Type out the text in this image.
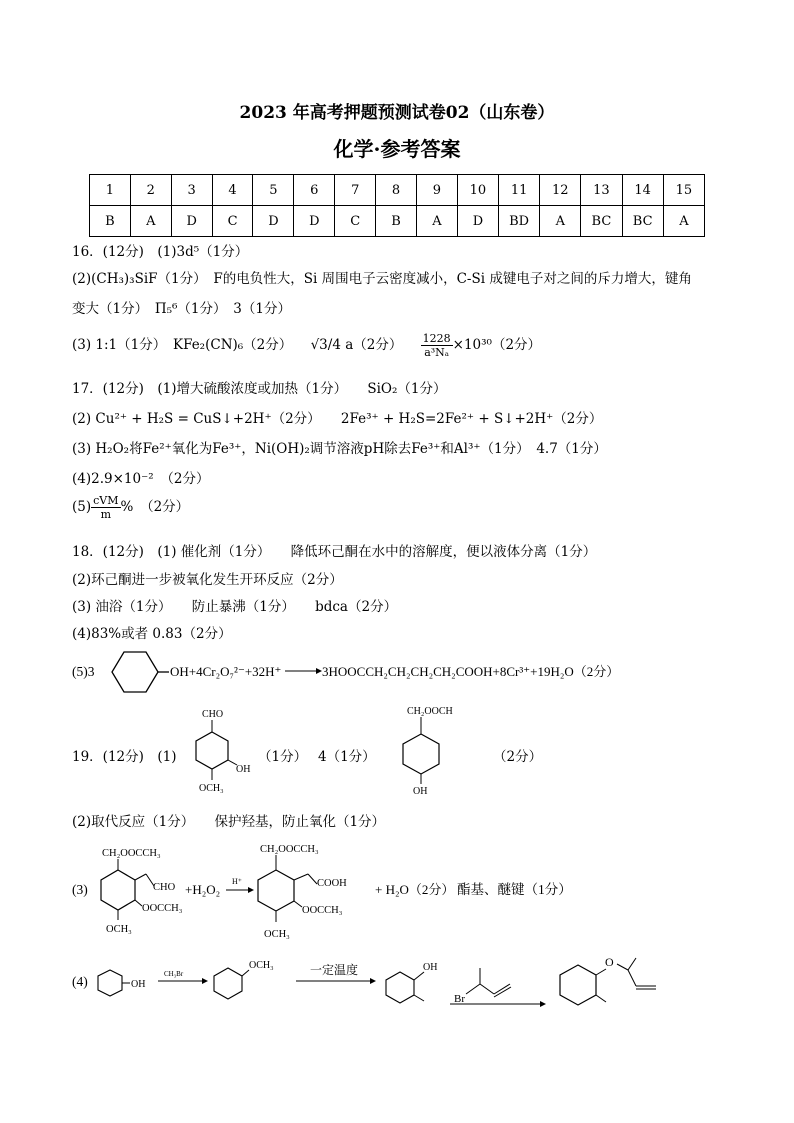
2023 年高考押题预测试卷02（山东卷）
化学·参考答案
1	2	3	4	5	6	7	8	9	10	11	12	13	14	15
B	A	D	C	D	D	C	B	A	D	BD	A	BC	BC	A
16．(12分)　(1)3d⁵（1分）
(2)(CH₃)₃SiF（1分）　F的电负性大，Si 周围电子云密度减小，C-Si 成键电子对之间的斥力增大，键角
变大（1分）　Π₅⁶（1分）　3（1分）
(3) 1:1（1分）　KFe₂(CN)₆（2分） √3/4 a（2分） $\frac{1228}{\text{a³Nₐ}} \times 10^{30}(2$分）
17．(12分)　(1)增大硫酸浓度或加热（1分）　　SiO₂（1分）
(2) Cu²⁺ + H₂S = CuS↓+2H⁺（2分）　　2Fe³⁺ + H₂S=2Fe²⁺ + S↓+2H⁺（2分）
(3) H₂O₂将Fe²⁺氧化为Fe³⁺，Ni(OH)₂调节溶液pH除去Fe³⁺和Al³⁺（1分）　4.7（1分）
(4)2.9×10⁻²　（2分）
$(5) \frac{\text{cVM}}{m}$ %　（2分）
18．(12分)　(1) 催化剂（1分）　　降低环己酮在水中的溶解度，便以液体分离（1分）
(2)环己酮进一步被氧化发生开环反应（2分）
(3) 油浴（1分）　　防止暴沸（1分）　　bdca（2分）
(4)83%或者 0.83（2分）
(5)3	OH+4Cr₂O₇²⁻+32H⁺	3HOOCCH₂CH₂CH₂CH₂COOH+8Cr³⁺+19H₂O（2分）
19．(12分)　(1)
CHO
OH
OCH₃
（1分） 4（1分）
CH₂OOCH
OH
（2分）
(2)取代反应（1分）　　保护羟基，防止氧化（1分）
(3)
CH₂OOCCH₃
CHO
OOCCH₃
OCH₃
+H₂O₂
H⁺
CH₂OOCCH₃
COOH
OOCCH₃
OCH₃
+ H₂O（2分） 酯基、醚键（1分）
(4)	OH
CH₃Br
OCH₃	一定温度	OH
Br
O
